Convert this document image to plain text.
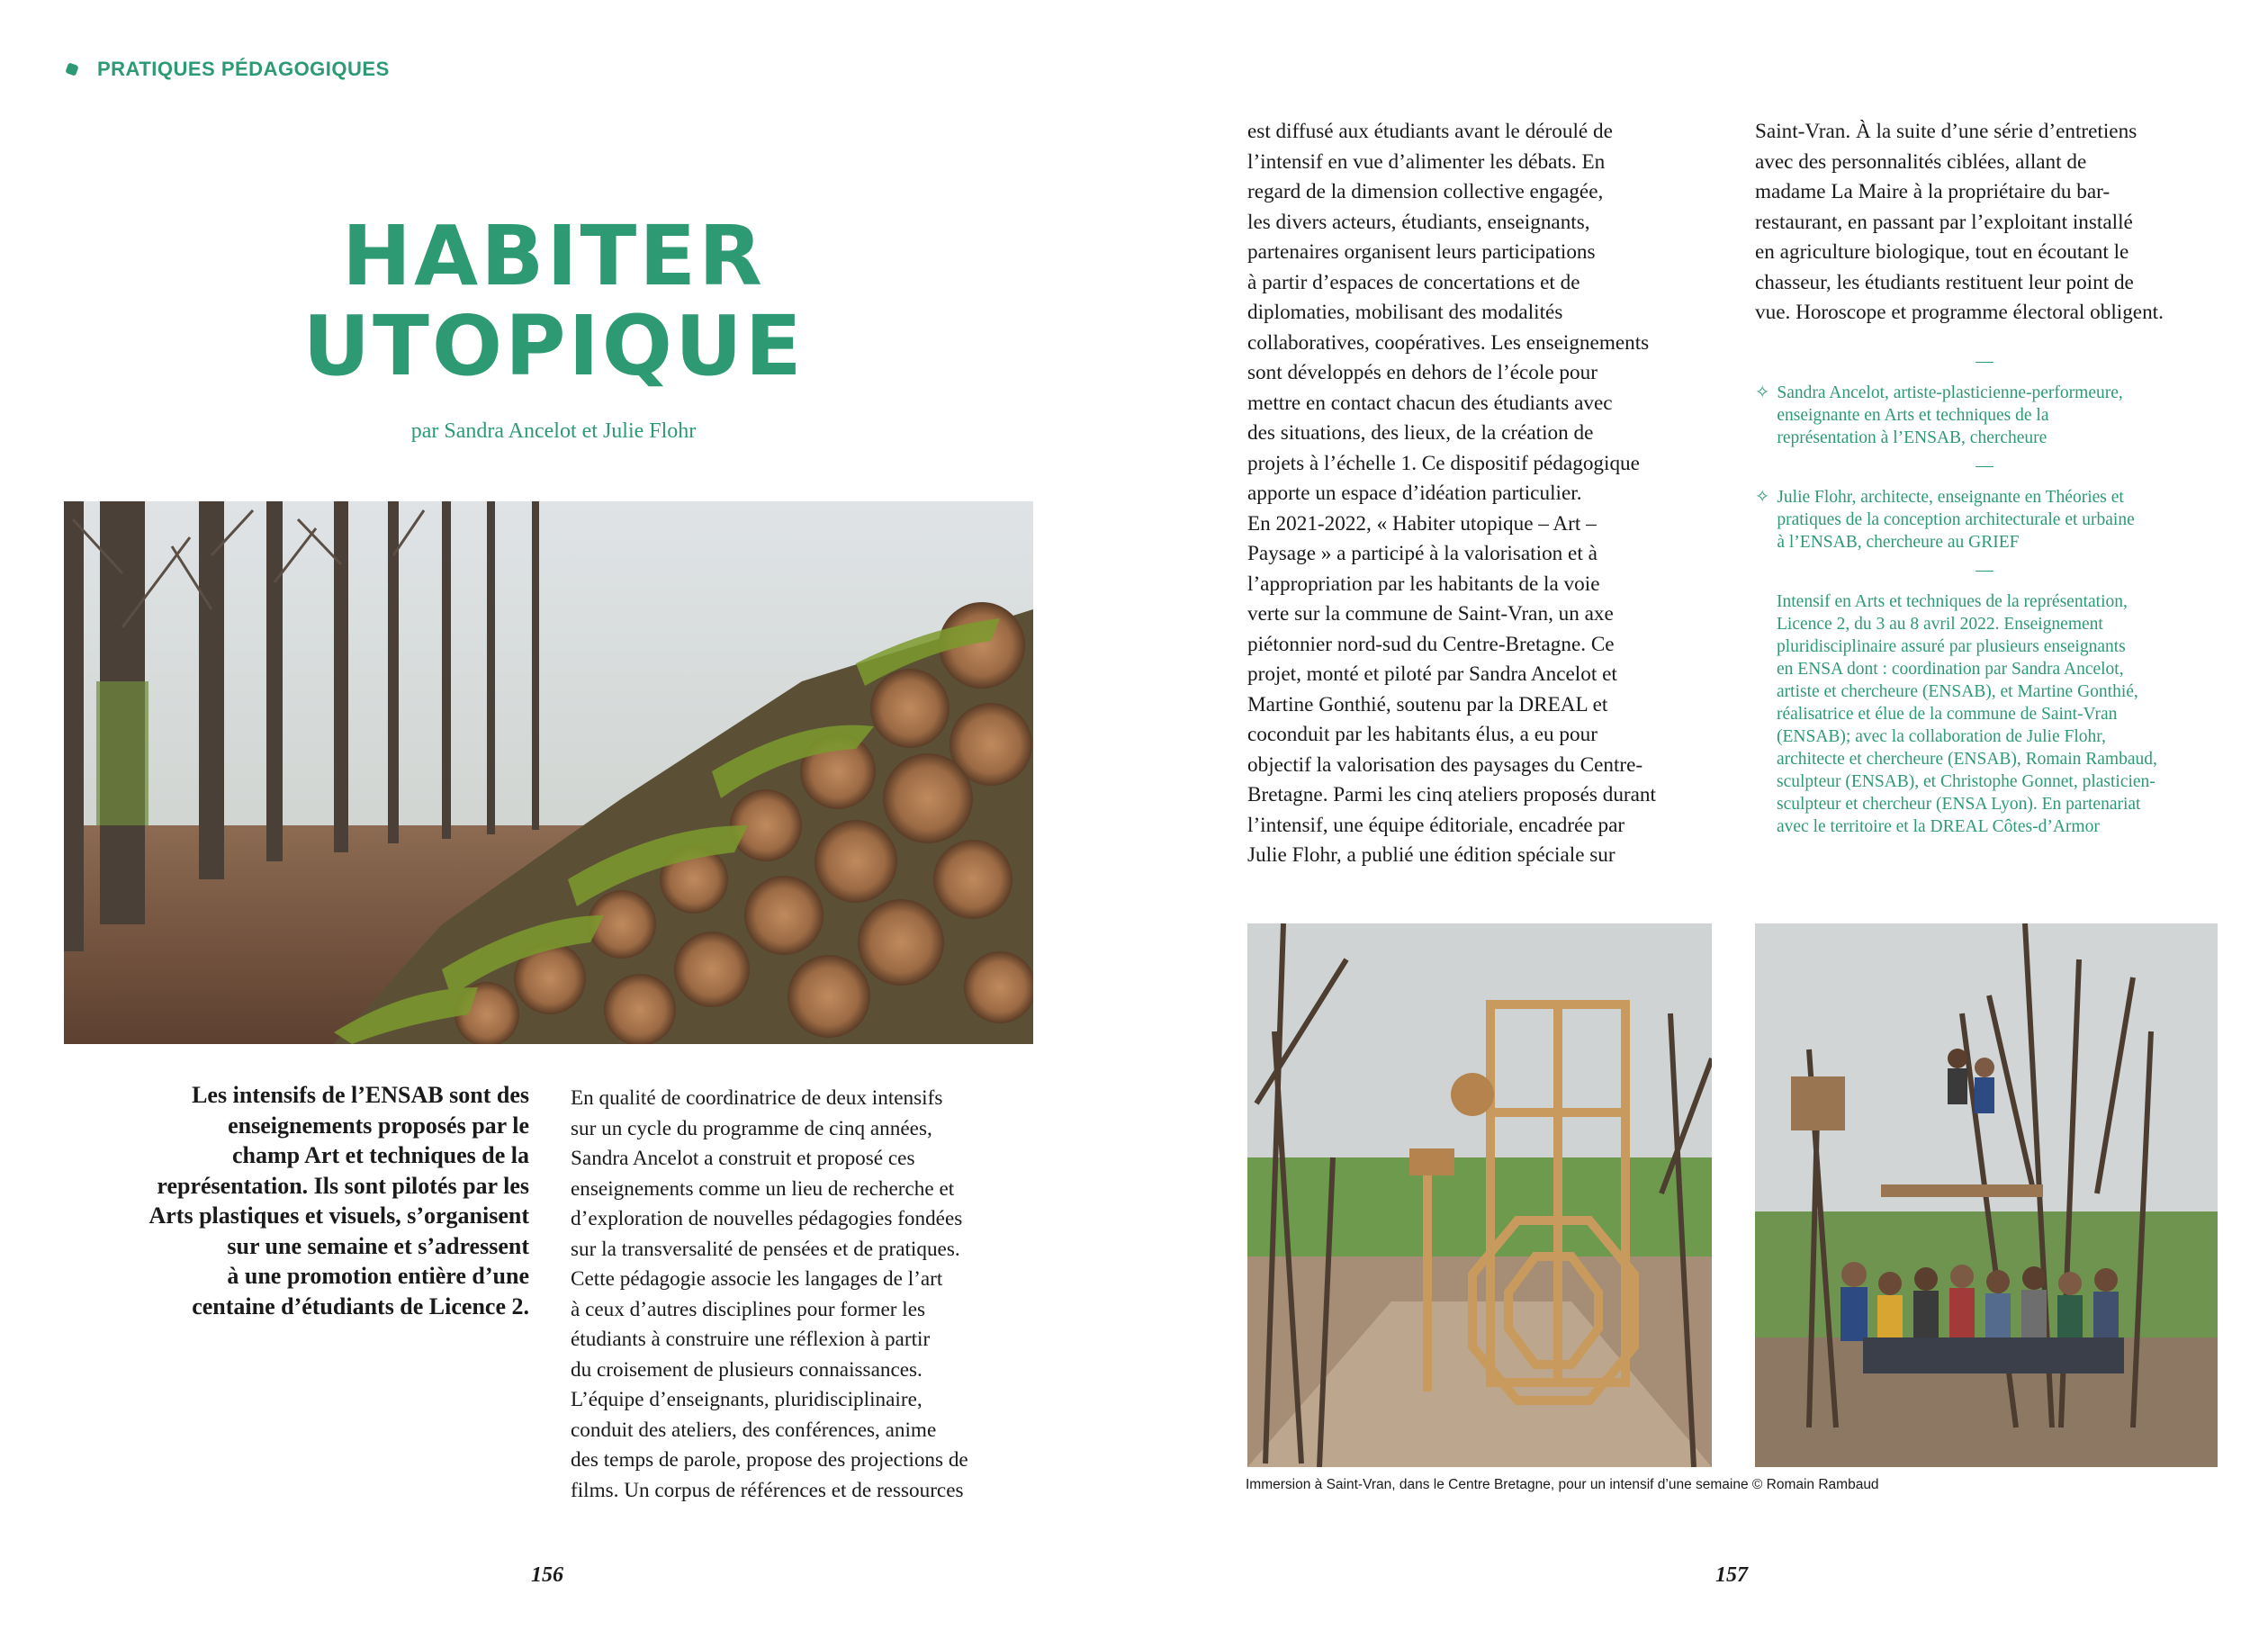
PRATIQUES PÉDAGOGIQUES
HABITER
UTOPIQUE
par Sandra Ancelot et Julie Flohr
Les intensifs de l’ENSAB sont des
enseignements proposés par le
champ Art et techniques de la
représentation. Ils sont pilotés par les
Arts plastiques et visuels, s’organisent
sur une semaine et s’adressent
à une promotion entière d’une
centaine d’étudiants de Licence 2.
En qualité de coordinatrice de deux intensifs
sur un cycle du programme de cinq années,
Sandra Ancelot a construit et proposé ces
enseignements comme un lieu de recherche et
d’exploration de nouvelles pédagogies fondées
sur la transversalité de pensées et de pratiques.
Cette pédagogie associe les langages de l’art
à ceux d’autres disciplines pour former les
étudiants à construire une réflexion à partir
du croisement de plusieurs connaissances.
L’équipe d’enseignants, pluridisciplinaire,
conduit des ateliers, des conférences, anime
des temps de parole, propose des projections de
films. Un corpus de références et de ressources
est diffusé aux étudiants avant le déroulé de
l’intensif en vue d’alimenter les débats. En
regard de la dimension collective engagée,
les divers acteurs, étudiants, enseignants,
partenaires organisent leurs participations
à partir d’espaces de concertations et de
diplomaties, mobilisant des modalités
collaboratives, coopératives. Les enseignements
sont développés en dehors de l’école pour
mettre en contact chacun des étudiants avec
des situations, des lieux, de la création de
projets à l’échelle 1. Ce dispositif pédagogique
apporte un espace d’idéation particulier.
En 2021-2022, « Habiter utopique – Art –
Paysage » a participé à la valorisation et à
l’appropriation par les habitants de la voie
verte sur la commune de Saint-Vran, un axe
piétonnier nord-sud du Centre-Bretagne. Ce
projet, monté et piloté par Sandra Ancelot et
Martine Gonthié, soutenu par la DREAL et
coconduit par les habitants élus, a eu pour
objectif la valorisation des paysages du Centre-
Bretagne. Parmi les cinq ateliers proposés durant
l’intensif, une équipe éditoriale, encadrée par
Julie Flohr, a publié une édition spéciale sur
Saint-Vran. À la suite d’une série d’entretiens
avec des personnalités ciblées, allant de
madame La Maire à la propriétaire du bar-
restaurant, en passant par l’exploitant installé
en agriculture biologique, tout en écoutant le
chasseur, les étudiants restituent leur point de
vue. Horoscope et programme électoral obligent.
—
✧ Sandra Ancelot, artiste-plasticienne-performeure,
enseignante en Arts et techniques de la
représentation à l’ENSAB, chercheure
—
✧ Julie Flohr, architecte, enseignante en Théories et
pratiques de la conception architecturale et urbaine
à l’ENSAB, chercheure au GRIEF
—
Intensif en Arts et techniques de la représentation,
Licence 2, du 3 au 8 avril 2022. Enseignement
pluridisciplinaire assuré par plusieurs enseignants
en ENSA dont : coordination par Sandra Ancelot,
artiste et chercheure (ENSAB), et Martine Gonthié,
réalisatrice et élue de la commune de Saint-Vran
(ENSAB); avec la collaboration de Julie Flohr,
architecte et chercheure (ENSAB), Romain Rambaud,
sculpteur (ENSAB), et Christophe Gonnet, plasticien-
sculpteur et chercheur (ENSA Lyon). En partenariat
avec le territoire et la DREAL Côtes-d’Armor
Immersion à Saint-Vran, dans le Centre Bretagne, pour un intensif d’une semaine © Romain Rambaud
156	157
